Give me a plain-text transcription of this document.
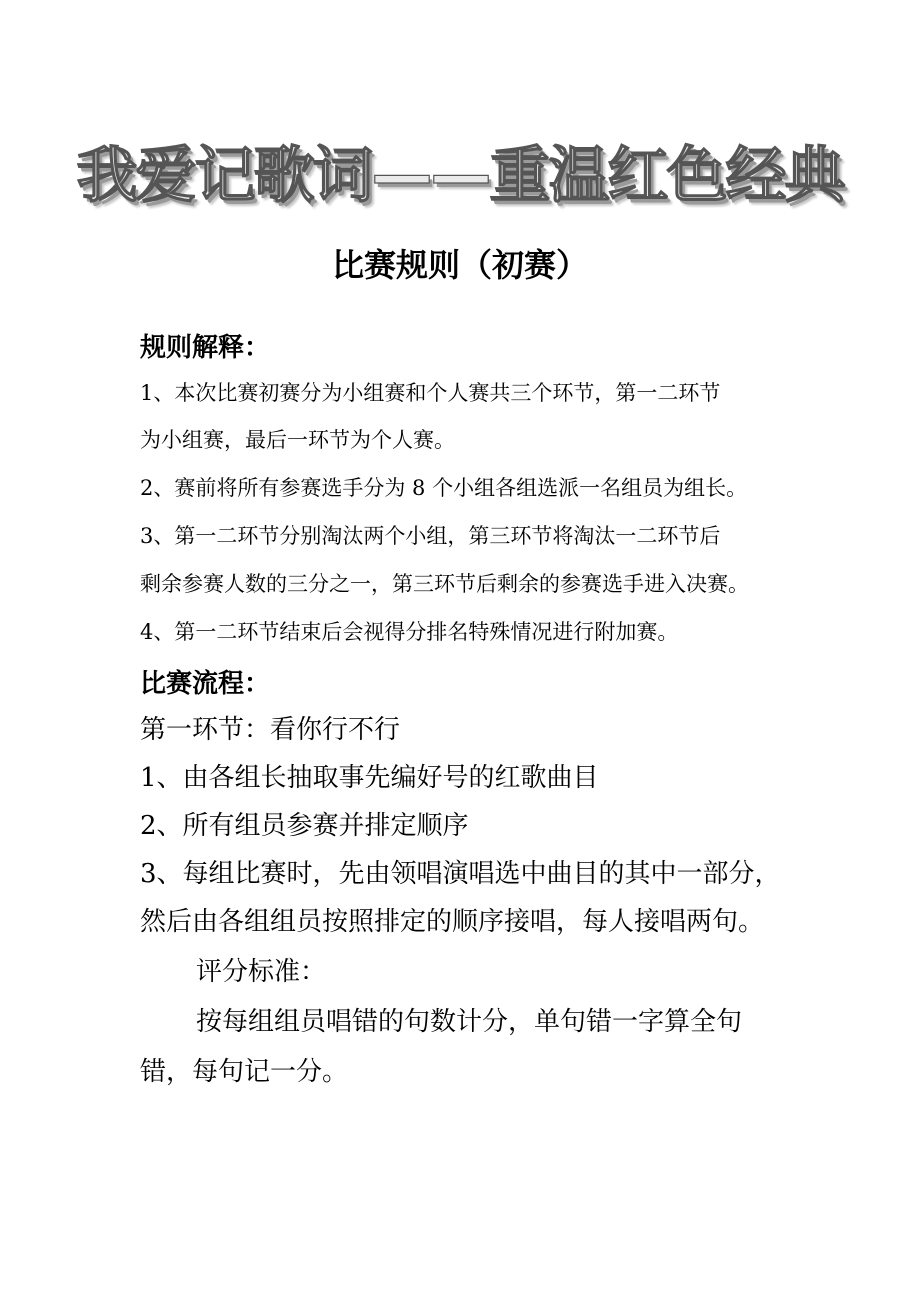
我爱记歌词——重温红色经典
比赛规则（初赛）
规则解释：
1、本次比赛初赛分为小组赛和个人赛共三个环节，第一二环节
为小组赛，最后一环节为个人赛。
2、赛前将所有参赛选手分为 8 个小组各组选派一名组员为组长。
3、第一二环节分别淘汰两个小组，第三环节将淘汰一二环节后
剩余参赛人数的三分之一，第三环节后剩余的参赛选手进入决赛。
4、第一二环节结束后会视得分排名特殊情况进行附加赛。
比赛流程：
第一环节：看你行不行
1、由各组长抽取事先编好号的红歌曲目
2、所有组员参赛并排定顺序
3、每组比赛时，先由领唱演唱选中曲目的其中一部分，
然后由各组组员按照排定的顺序接唱，每人接唱两句。
评分标准：
按每组组员唱错的句数计分，单句错一字算全句
错，每句记一分。
